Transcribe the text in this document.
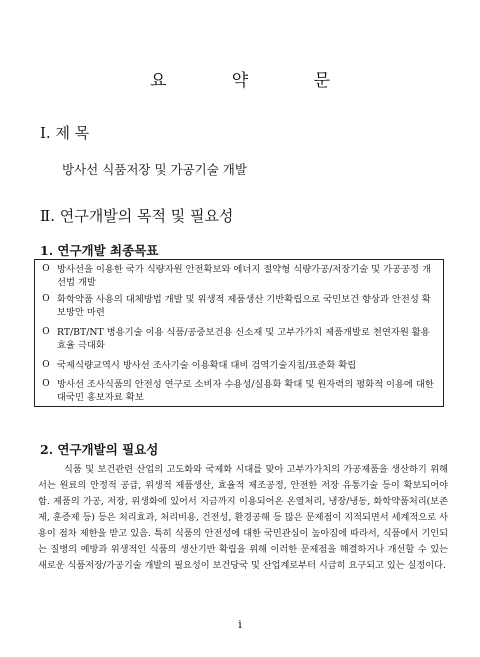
요 약 문
Ⅰ. 제 목
방사선 식품저장 및 가공기술 개발
Ⅱ. 연구개발의 목적 및 필요성
1. 연구개발 최종목표
O 방사선을 이용한 국가 식량자원 안전확보와 에너지 절약형 식량가공/저장기술 및 가공공정 개선법 개발
O 화학약품 사용의 대체방법 개발 및 위생적 제품생산 기반확립으로 국민보건 향상과 안전성 확보방안 마련
O RT/BT/NT 병용기술 이용 식품/공중보건용 신소재 및 고부가가치 제품개발로 천연자원 활용효율 극대화
O 국제식량교역시 방사선 조사기술 이용확대 대비 검역기술지침/표준화 확립
O 방사선 조사식품의 안전성 연구로 소비자 수용성/실용화 확대 및 원자력의 평화적 이용에 대한 대국민 홍보자료 확보
2. 연구개발의 필요성
식품 및 보건관련 산업의 고도화와 국제화 시대를 맞아 고부가가치의 가공제품을 생산하기 위해서는 원료의 안정적 공급, 위생적 제품생산, 효율적 제조공정, 안전한 저장 유통기술 등이 확보되어야 함. 제품의 가공, 저장, 위생화에 있어서 지금까지 이용되어온 온열처리, 냉장/냉동, 화학약품처리(보존제, 훈증제 등) 등은 처리효과, 처리비용, 건전성, 환경공해 등 많은 문제점이 지적되면서 세계적으로 사용이 점차 제한을 받고 있음. 특히 식품의 안전성에 대한 국민관심이 높아짐에 따라서, 식품에서 기인되는 질병의 예방과 위생적인 식품의 생산기반 확립을 위해 이러한 문제점을 해결하거나 개선할 수 있는 새로운 식품저장/가공기술 개발의 필요성이 보건당국 및 산업계로부터 시급히 요구되고 있는 실정이다.
i
